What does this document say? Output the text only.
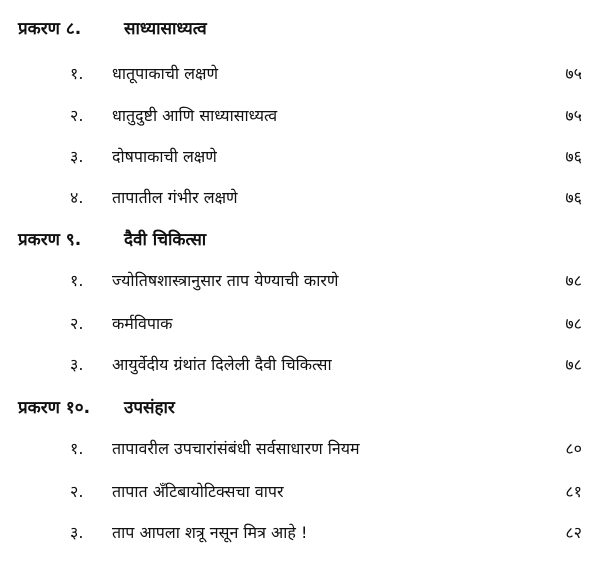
प्रकरण ८.	साध्यासाध्यत्व
१. धातूपाकाची लक्षणे	७५
२. धातुदुष्टी आणि साध्यासाध्यत्व	७५
३. दोषपाकाची लक्षणे	७६
४. तापातील गंभीर लक्षणे	७६
प्रकरण ९.	दैवी चिकित्सा
१. ज्योतिषशास्त्रानुसार ताप येण्याची कारणे	७८
२. कर्मविपाक	७८
३. आयुर्वेदीय ग्रंथांत दिलेली दैवी चिकित्सा	७८
प्रकरण १०. उपसंहार
१. तापावरील उपचारांसंबंधी सर्वसाधारण नियम	८०
२. तापात अँटिबायोटिक्सचा वापर	८१
३. ताप आपला शत्रू नसून मित्र आहे !	८२
